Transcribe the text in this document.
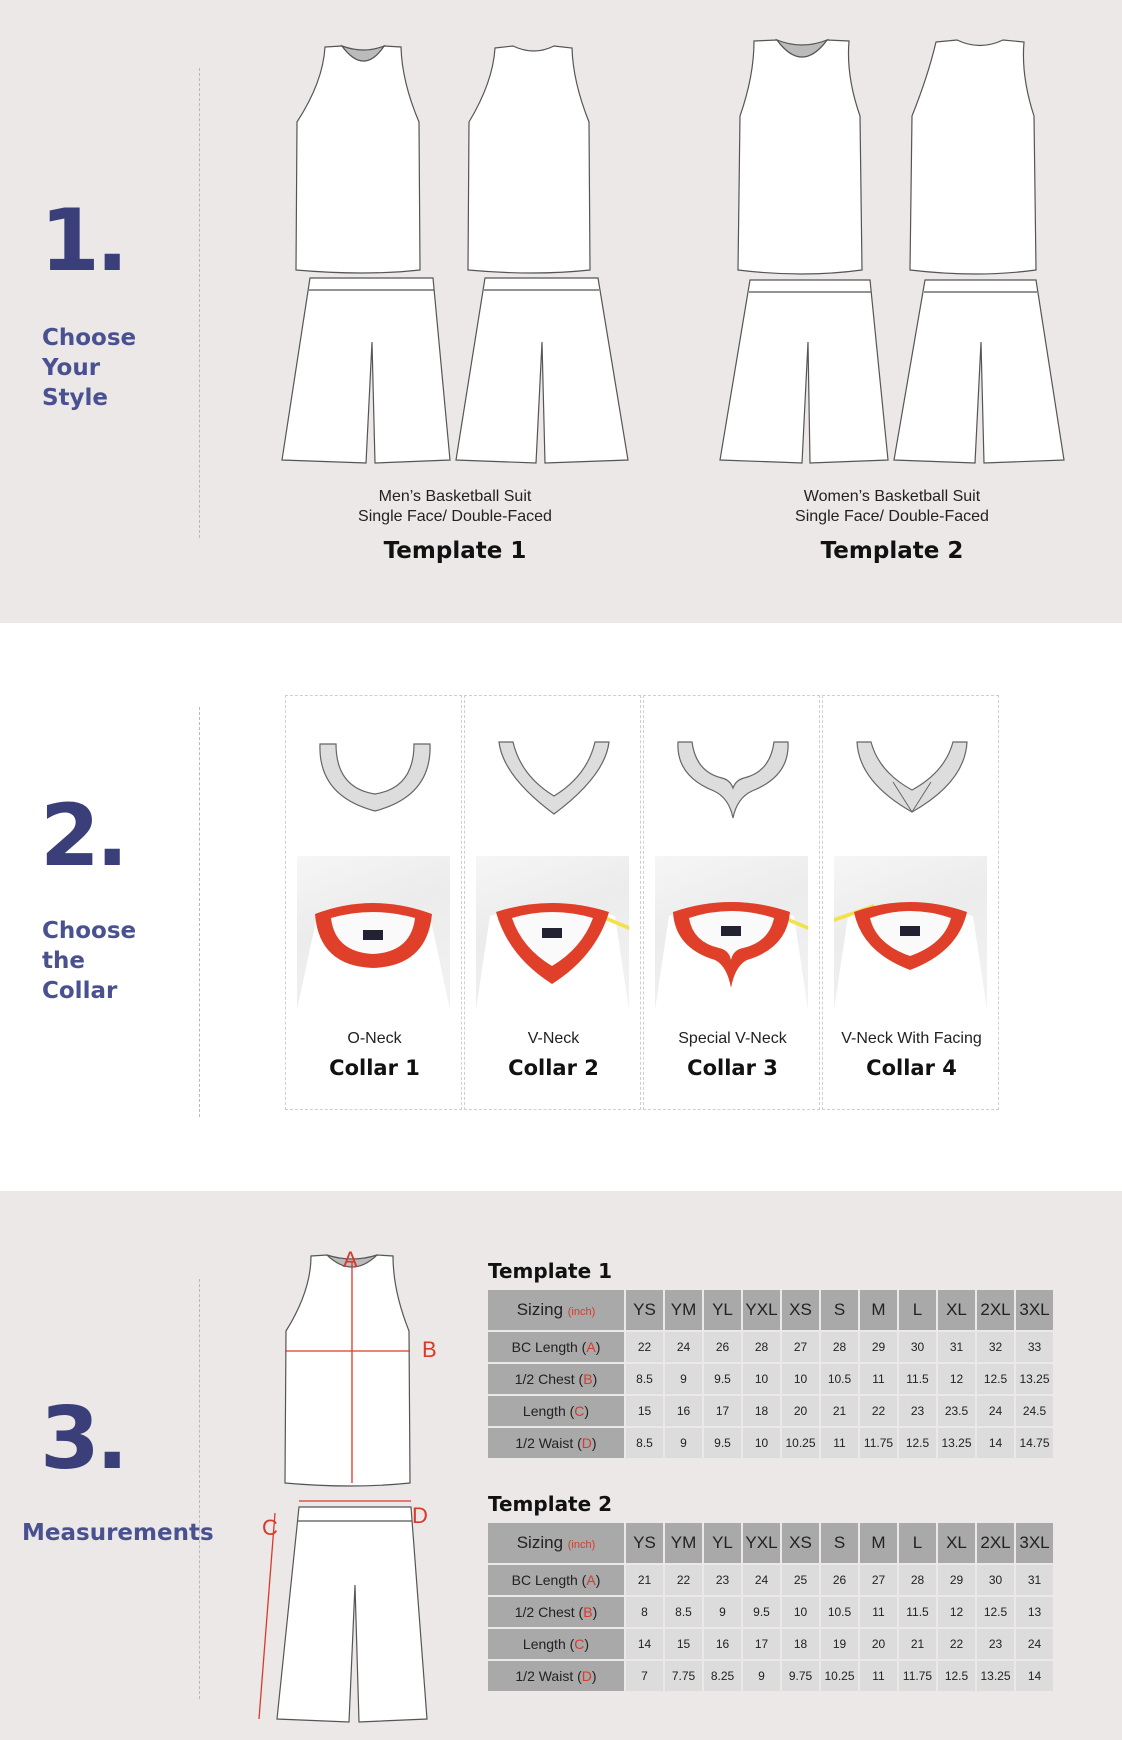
1.
Choose
Your
Style
Men’s Basketball Suit
Single Face/ Double-Faced
Template 1
Women’s Basketball Suit
Single Face/ Double-Faced
Template 2
2.
Choose
the
Collar
O-Neck
Collar 1
V-Neck
Collar 2
Special V-Neck
Collar 3
V-Neck With Facing
Collar 4
3.
Measurements
A
B
C	D
Template 1
Sizing (inch)	YS	YM	YL	YXL	XS	S	M	L	XL	2XL	3XL
BC Length (A)	22	24	26	28	27	28	29	30	31	32	33
1/2 Chest (B)	8.5	9	9.5	10	10	10.5	11	11.5	12	12.5	13.25
Length (C)	15	16	17	18	20	21	22	23	23.5	24	24.5
1/2 Waist (D)	8.5	9	9.5	10	10.25	11	11.75	12.5	13.25	14	14.75
Template 2
Sizing (inch)	YS	YM	YL	YXL	XS	S	M	L	XL	2XL	3XL
BC Length (A)	21	22	23	24	25	26	27	28	29	30	31
1/2 Chest (B)	8	8.5	9	9.5	10	10.5	11	11.5	12	12.5	13
Length (C)	14	15	16	17	18	19	20	21	22	23	24
1/2 Waist (D)	7	7.75	8.25	9	9.75	10.25	11	11.75	12.5	13.25	14
